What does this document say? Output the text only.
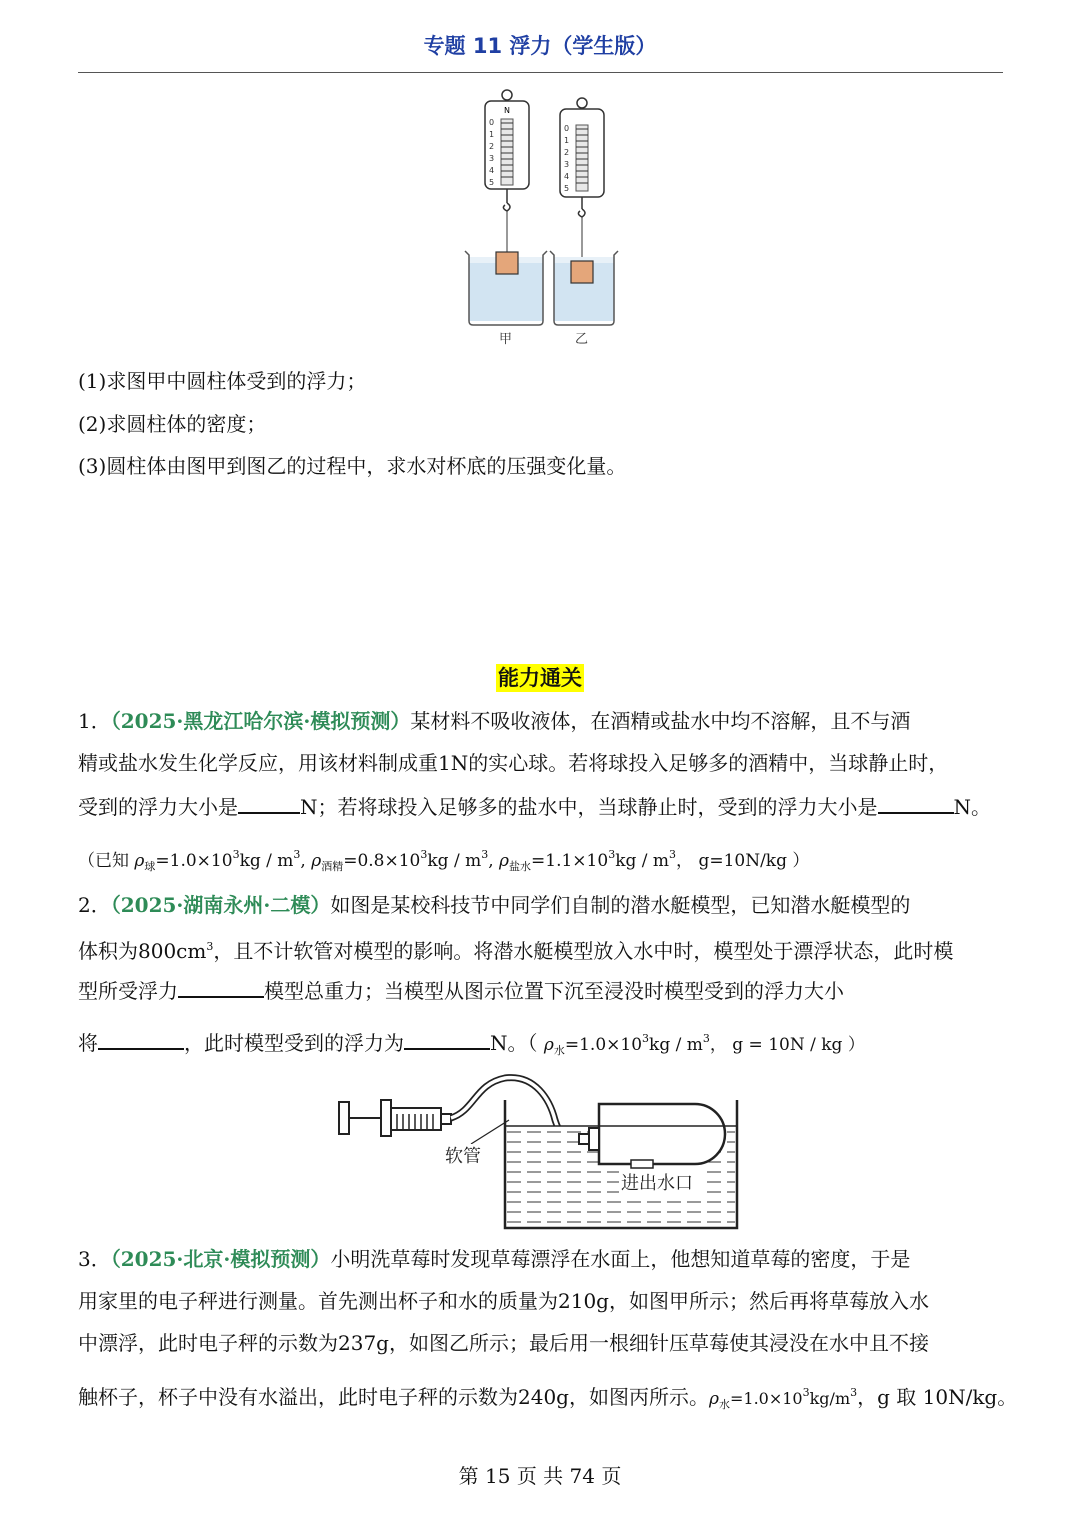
专题 11 浮力（学生版）
N
0
1
2
3
4
5
甲
0
1
2
3
4
5
乙
(1)求图甲中圆柱体受到的浮力；
(2)求圆柱体的密度；
(3)圆柱体由图甲到图乙的过程中，求水对杯底的压强变化量。
能力通关
1．（2025·黑龙江哈尔滨·模拟预测）某材料不吸收液体，在酒精或盐水中均不溶解，且不与酒
精或盐水发生化学反应，用该材料制成重1N的实心球。若将球投入足够多的酒精中，当球静止时，
受到的浮力大小是	N；若将球投入足够多的盐水中，当球静止时，受到的浮力大小是	N。
（已知 $\rho_球=1.0\times 10^3kg / m^3$, $\rho_{酒精}=0.8\times 10^3kg / m^3$, $\rho_{盐水}=1.1\times 10^3kg / m^3$， g=10N/kg ）
2．（2025·湖南永州·二模）如图是某校科技节中同学们自制的潜水艇模型，已知潜水艇模型的
体积为$800cm^3$，且不计软管对模型的影响。将潜水艇模型放入水中时，模型处于漂浮状态，此时模
型所受浮力	模型总重力；当模型从图示位置下沉至浸没时模型受到的浮力大小
将	，此时模型受到的浮力为	N。（ $\rho_水=1.0\times 10^3kg / m^3$， g = 10N / kg ）
软管
进出水口
3．（2025·北京·模拟预测）小明洗草莓时发现草莓漂浮在水面上，他想知道草莓的密度，于是
用家里的电子秤进行测量。首先测出杯子和水的质量为210g，如图甲所示；然后再将草莓放入水
中漂浮，此时电子秤的示数为237g，如图乙所示；最后用一根细针压草莓使其浸没在水中且不接
触杯子，杯子中没有水溢出，此时电子秤的示数为240g，如图丙所示。$\rho_水=1.0\times 10^3kg/m^3$，g 取 10N/kg。
第 15 页 共 74 页
